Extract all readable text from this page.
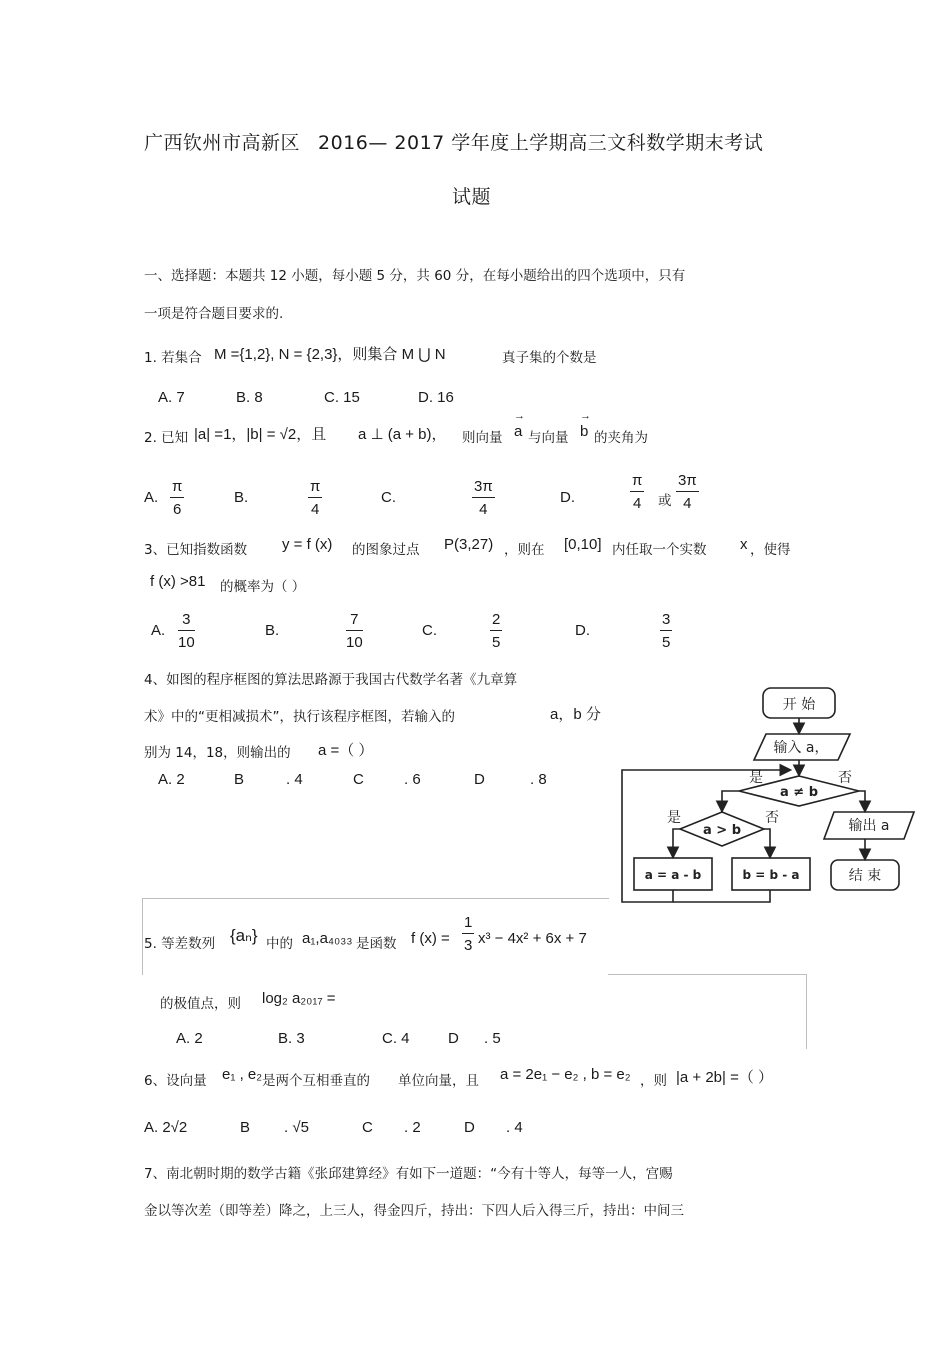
广西钦州市高新区 2016— 2017 学年度上学期高三文科数学期末考试
试题
一、选择题：本题共 12 小题，每小题 5 分，共 60 分，在每小题给出的四个选项中，只有
一项是符合题目要求的.
1. 若集合 M ={1,2}, N = {2,3}，则集合 M ⋃ N	真子集的个数是
A. 7	B. 8	C. 15	D. 16
2. 已知 |a| =1，|b| = √2，且 a ⊥ (a + b)， 则向量 → a 与向量 → b 的夹角为
A. $\frac{\pi}{6}$	B.	$\frac{\pi}{4}$	C.	$\frac{3\pi}{4}$	D.	$\frac{\pi}{4}$ 或 $\frac{3\pi}{4}$
3、已知指数函数 y = f (x) 的图象过点 P(3,27) ，则在 [0,10] 内任取一个实数 x ，使得
f (x) >81 的概率为（ ）
A. $\frac{3}{10}$	B.	$\frac{7}{10}$	C.	$\frac{2}{5}$	D.	$\frac{3}{5}$
4、如图的程序框图的算法思路源于我国古代数学名著《九章算
术》中的“更相减损术”，执行该程序框图，若输入的	a，b 分
别为 14，18，则输出的 a =（ ）
A. 2	B	. 4	C	. 6	D	. 8
开 始
输入 a，
是	否
a ≠ b
是	否
a > b
a = a - b	b = b - a
输出 a
结 束
5. 等差数列 {aₙ} 中的 a₁,a₄₀₃₃ 是函数 f $(x) = \frac{1}{3} x^3 - 4x^2 + 6x + 7$
的极值点，则 log₂ a₂₀₁₇ =
A. 2	B. 3	C. 4	D . 5
6、设向量 e₁ , e₂ 是两个互相垂直的 单位向量，且 a = 2e₁ − e₂ , b = e₂ ，则 |a + 2b| =（ ）
A. 2√2	B . √5	C . 2	D . 4
7、南北朝时期的数学古籍《张邱建算经》有如下一道题：“今有十等人，每等一人，宫赐
金以等次差（即等差）降之，上三人，得金四斤，持出：下四人后入得三斤，持出：中间三
